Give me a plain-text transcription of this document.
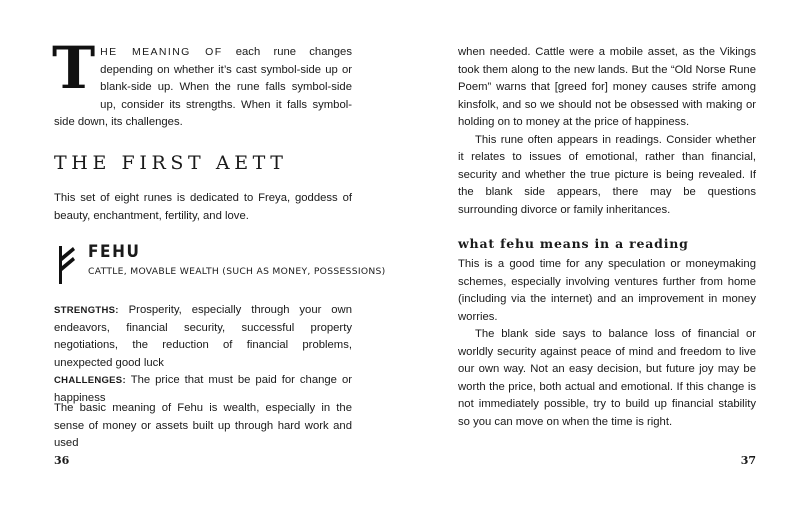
THE MEANING OF each rune changes depending on whether it’s cast symbol-side up or blank-side up. When the rune falls symbol-side up, consider its strengths. When it falls symbol-side down, its challenges.

THE FIRST AETT

This set of eight runes is dedicated to Freya, goddess of beauty, enchantment, fertility, and love.

FEHU
CATTLE, MOVABLE WEALTH (SUCH AS MONEY, POSSESSIONS)

STRENGTHS: Prosperity, especially through your own endeavors, financial security, successful property negotiations, the reduction of financial problems, unexpected good luck
CHALLENGES: The price that must be paid for change or happiness

The basic meaning of Fehu is wealth, especially in the sense of money or assets built up through hard work and used

36

when needed. Cattle were a mobile asset, as the Vikings took them along to the new lands. But the “Old Norse Rune Poem” warns that [greed for] money causes strife among kinsfolk, and so we should not be obsessed with making or holding on to money at the price of happiness.

This rune often appears in readings. Consider whether it relates to issues of emotional, rather than financial, security and whether the true picture is being revealed. If the blank side appears, there may be questions surrounding divorce or family inheritances.

what fehu means in a reading

This is a good time for any speculation or moneymaking schemes, especially involving ventures further from home (including via the internet) and an improvement in money worries.

The blank side says to balance loss of financial or worldly security against peace of mind and freedom to live our own way. Not an easy decision, but future joy may be worth the price, both actual and emotional. If this change is not immediately possible, try to build up financial stability so you can move on when the time is right.

37
